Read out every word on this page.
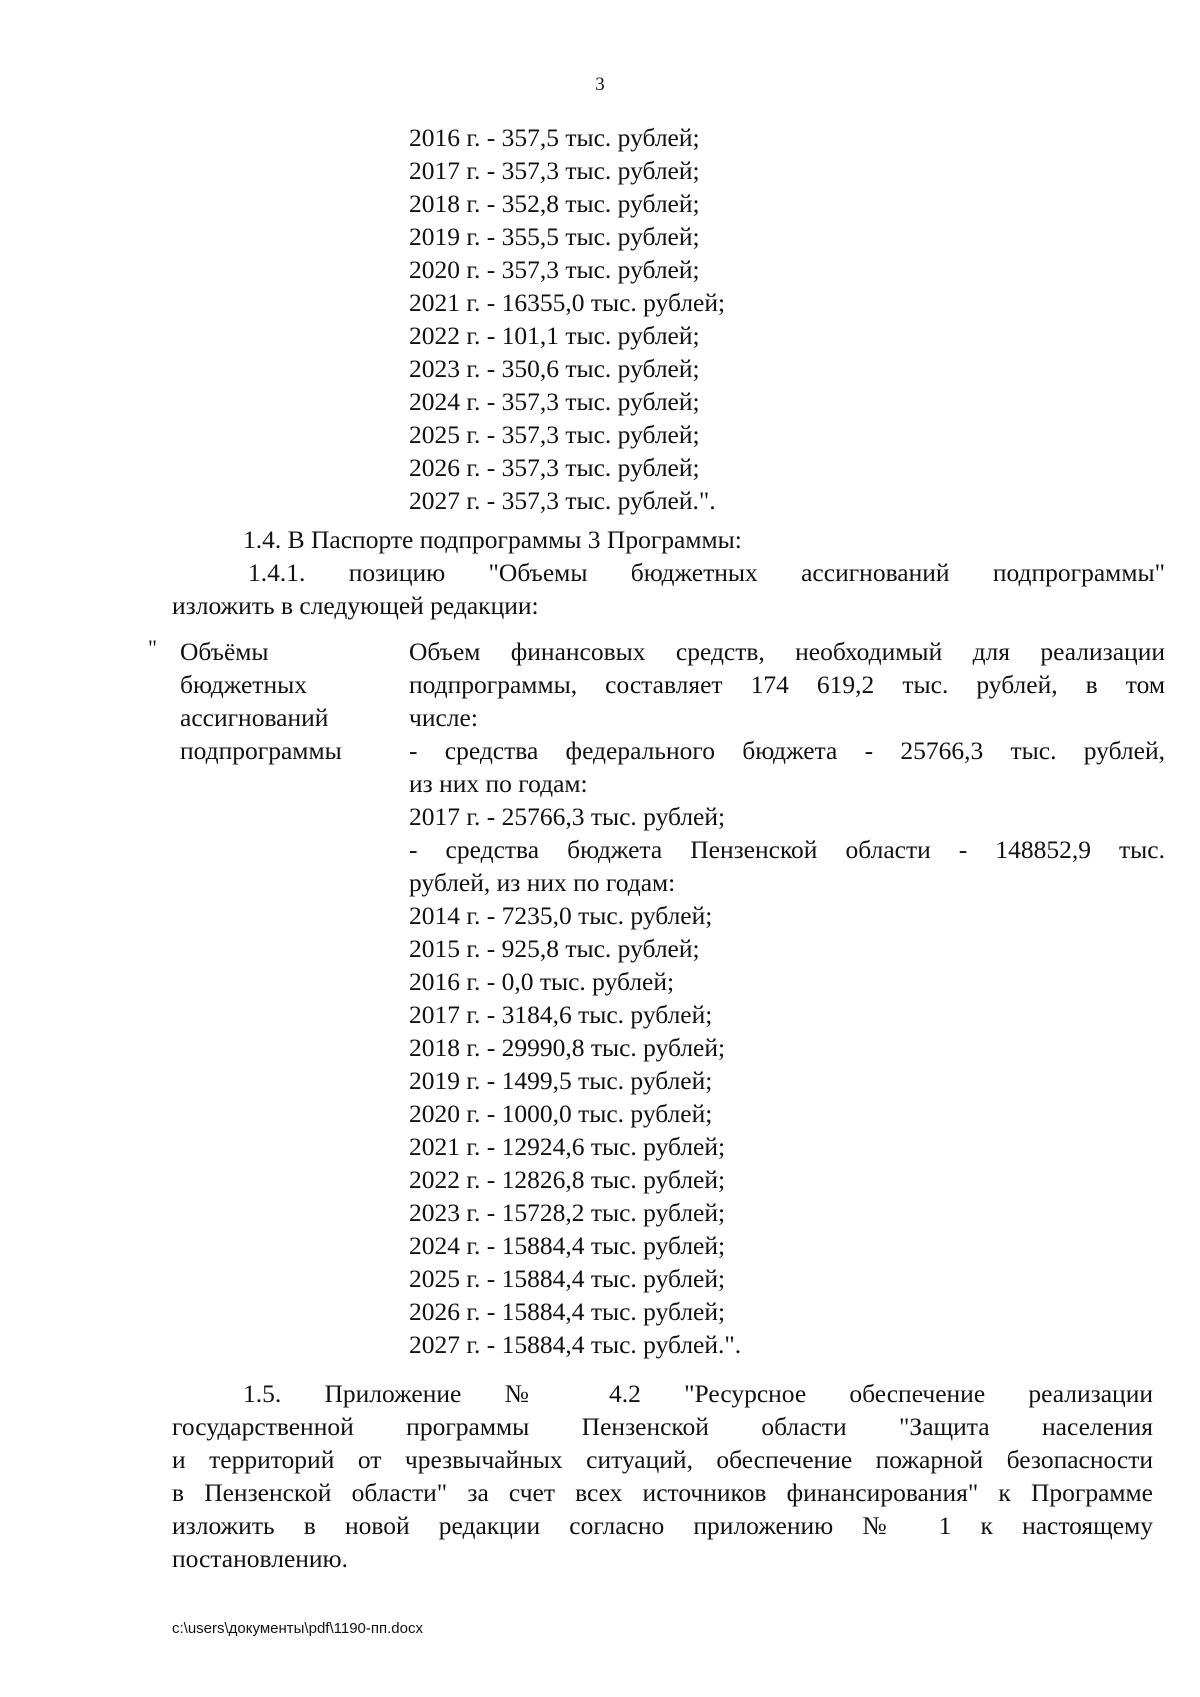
3
2016 г. - 357,5 тыс. рублей;
2017 г. - 357,3 тыс. рублей;
2018 г. - 352,8 тыс. рублей;
2019 г. - 355,5 тыс. рублей;
2020 г. - 357,3 тыс. рублей;
2021 г. - 16355,0 тыс. рублей;
2022 г. - 101,1 тыс. рублей;
2023 г. - 350,6 тыс. рублей;
2024 г. - 357,3 тыс. рублей;
2025 г. - 357,3 тыс. рублей;
2026 г. - 357,3 тыс. рублей;
2027 г. - 357,3 тыс. рублей.".
1.4. В Паспорте подпрограммы 3 Программы:
1.4.1. позицию "Объемы бюджетных ассигнований подпрограммы"
изложить в следующей редакции:
" Объёмы
бюджетных
ассигнований
подпрограммы
Объем финансовых средств, необходимый для реализации
подпрограммы, составляет 174 619,2 тыс. рублей, в том
числе:
- средства федерального бюджета - 25766,3 тыс. рублей,
из них по годам:
2017 г. - 25766,3 тыс. рублей;
- средства бюджета Пензенской области - 148852,9 тыс.
рублей, из них по годам:
2014 г. - 7235,0 тыс. рублей;
2015 г. - 925,8 тыс. рублей;
2016 г. - 0,0 тыс. рублей;
2017 г. - 3184,6 тыс. рублей;
2018 г. - 29990,8 тыс. рублей;
2019 г. - 1499,5 тыс. рублей;
2020 г. - 1000,0 тыс. рублей;
2021 г. - 12924,6 тыс. рублей;
2022 г. - 12826,8 тыс. рублей;
2023 г. - 15728,2 тыс. рублей;
2024 г. - 15884,4 тыс. рублей;
2025 г. - 15884,4 тыс. рублей;
2026 г. - 15884,4 тыс. рублей;
2027 г. - 15884,4 тыс. рублей.".
1.5. Приложение № 4.2 "Ресурсное обеспечение реализации
государственной программы Пензенской области "Защита населения
и территорий от чрезвычайных ситуаций, обеспечение пожарной безопасности
в Пензенской области" за счет всех источников финансирования" к Программе
изложить в новой редакции согласно приложению № 1 к настоящему
постановлению.
c:\users\документы\pdf\1190-пп.docx
